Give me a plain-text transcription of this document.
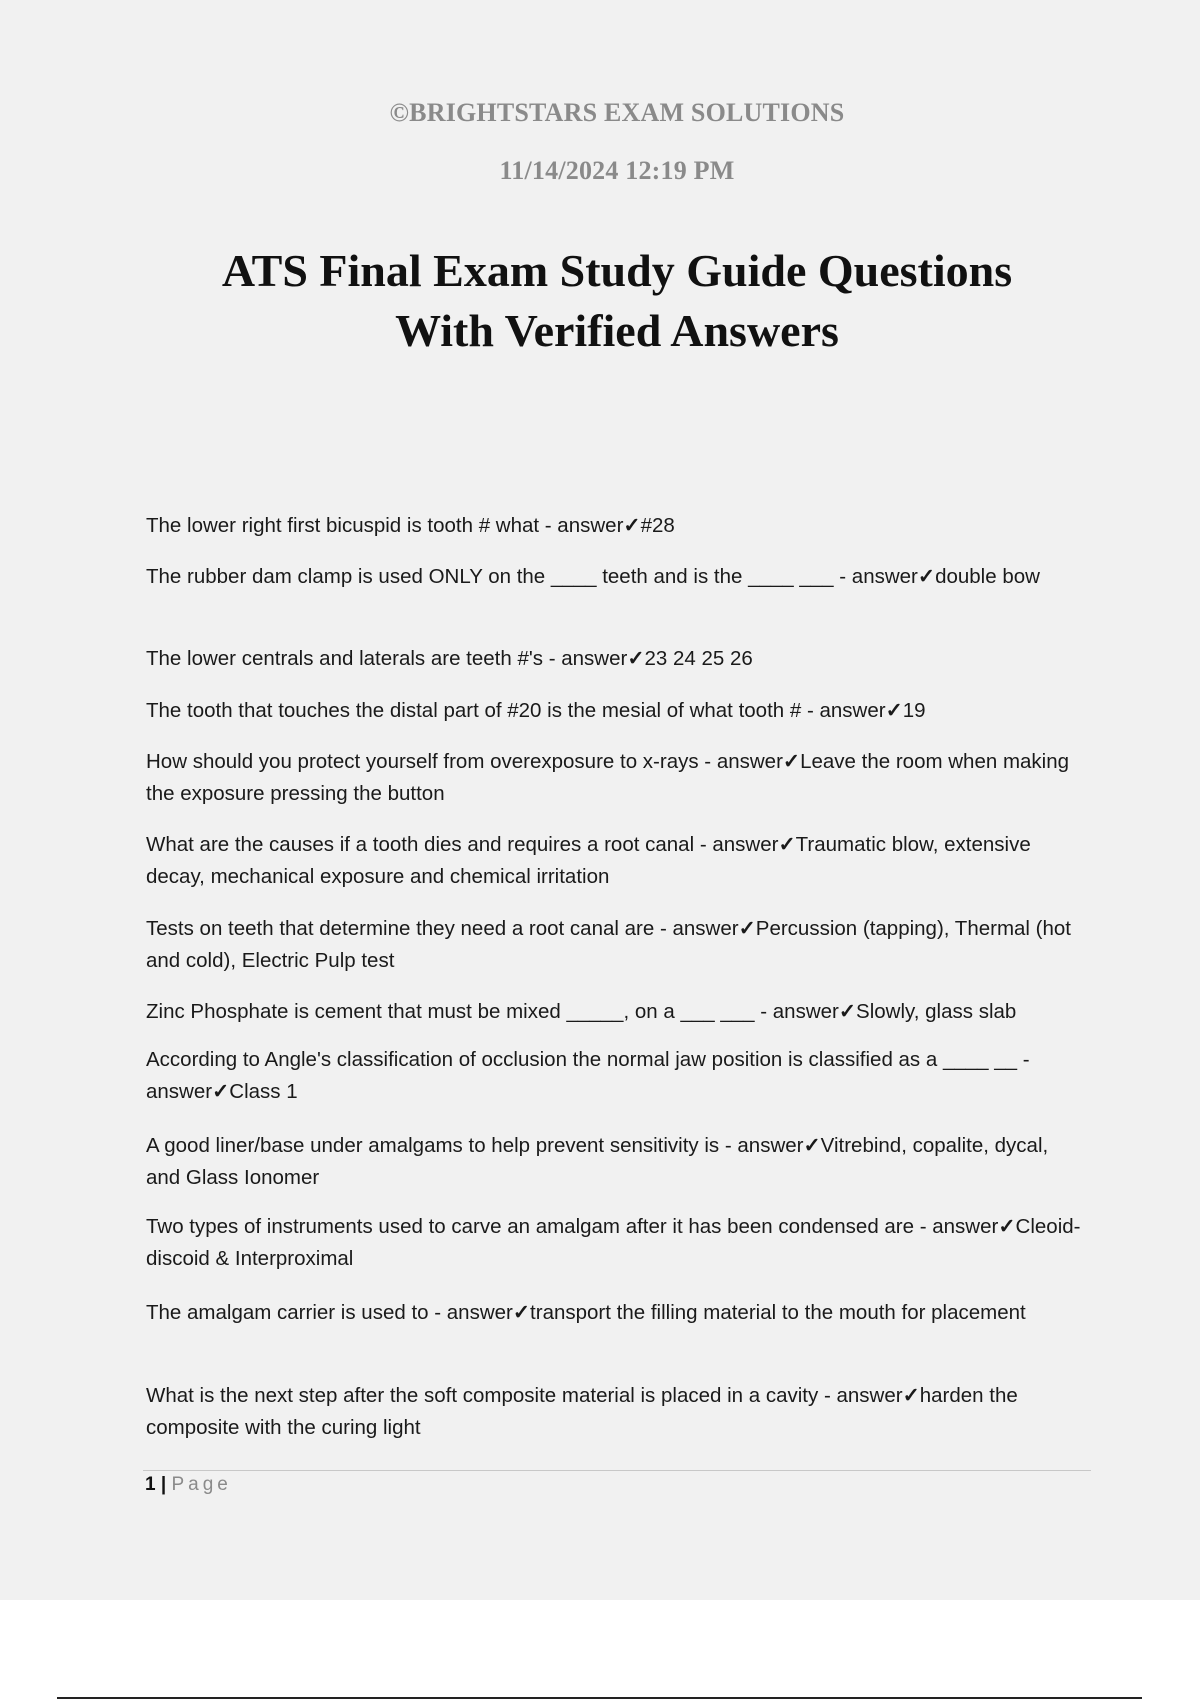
©BRIGHTSTARS EXAM SOLUTIONS
11/14/2024 12:19 PM
ATS Final Exam Study Guide Questions
With Verified Answers

The lower right first bicuspid is tooth # what - answer✓#28

The rubber dam clamp is used ONLY on the ____ teeth and is the ____ ___ - answer✓double bow

The lower centrals and laterals are teeth #'s - answer✓23 24 25 26

The tooth that touches the distal part of #20 is the mesial of what tooth # - answer✓19

How should you protect yourself from overexposure to x-rays - answer✓Leave the room when making the exposure pressing the button

What are the causes if a tooth dies and requires a root canal - answer✓Traumatic blow, extensive decay, mechanical exposure and chemical irritation

Tests on teeth that determine they need a root canal are - answer✓Percussion (tapping), Thermal (hot and cold), Electric Pulp test

Zinc Phosphate is cement that must be mixed _____, on a ___ ___ - answer✓Slowly, glass slab

According to Angle's classification of occlusion the normal jaw position is classified as a ____ __ - answer✓Class 1

A good liner/base under amalgams to help prevent sensitivity is - answer✓Vitrebind, copalite, dycal, and Glass Ionomer

Two types of instruments used to carve an amalgam after it has been condensed are - answer✓Cleoid-discoid & Interproximal

The amalgam carrier is used to - answer✓transport the filling material to the mouth for placement

What is the next step after the soft composite material is placed in a cavity - answer✓harden the composite with the curing light

1 | Page
